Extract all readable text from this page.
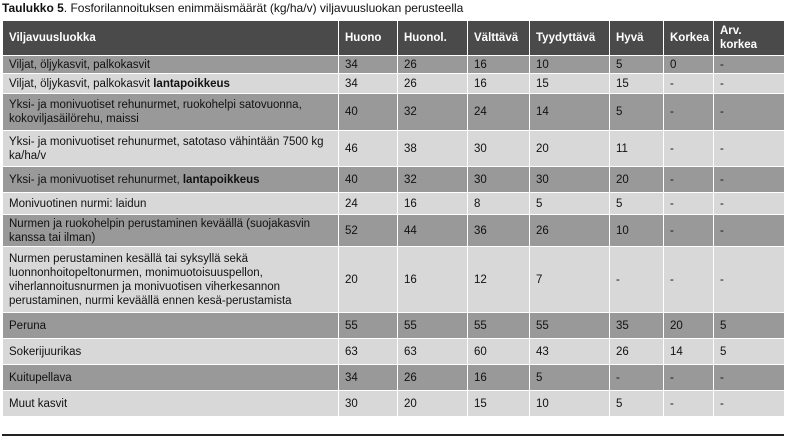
Taulukko 5. Fosforilannoituksen enimmäismäärät (kg/ha/v) viljavuusluokan perusteella
Viljavuusluokka	Huono	Huonol.	Välttävä	Tyydyttävä	Hyvä	Korkea	Arv. korkea
Viljat, öljykasvit, palkokasvit	34	26	16	10	5	0	-
Viljat, öljykasvit, palkokasvit lantapoikkeus	34	26	16	15	15	-	-
Yksi- ja monivuotiset rehunurmet, ruokohelpi satovuonna, kokoviljasäilörehu, maissi	40	32	24	14	5	-	-
Yksi- ja monivuotiset rehunurmet, satotaso vähintään 7500 kg ka/ha/v	46	38	30	20	11	-	-
Yksi- ja monivuotiset rehunurmet, lantapoikkeus	40	32	30	30	20	-	-
Monivuotinen nurmi: laidun	24	16	8	5	5	-	-
Nurmen ja ruokohelpin perustaminen keväällä (suojakasvin kanssa tai ilman)	52	44	36	26	10	-	-
Nurmen perustaminen kesällä tai syksyllä sekä luonnonhoitopeltonurmen, monimuotoisuuspellon, viherlannoitusnurmen ja monivuotisen viherkesannon perustaminen, nurmi keväällä ennen kesä-perustamista	20	16	12	7	-	-	-
Peruna	55	55	55	55	35	20	5
Sokerijuurikas	63	63	60	43	26	14	5
Kuitupellava	34	26	16	5	-	-	-
Muut kasvit	30	20	15	10	5	-	-
